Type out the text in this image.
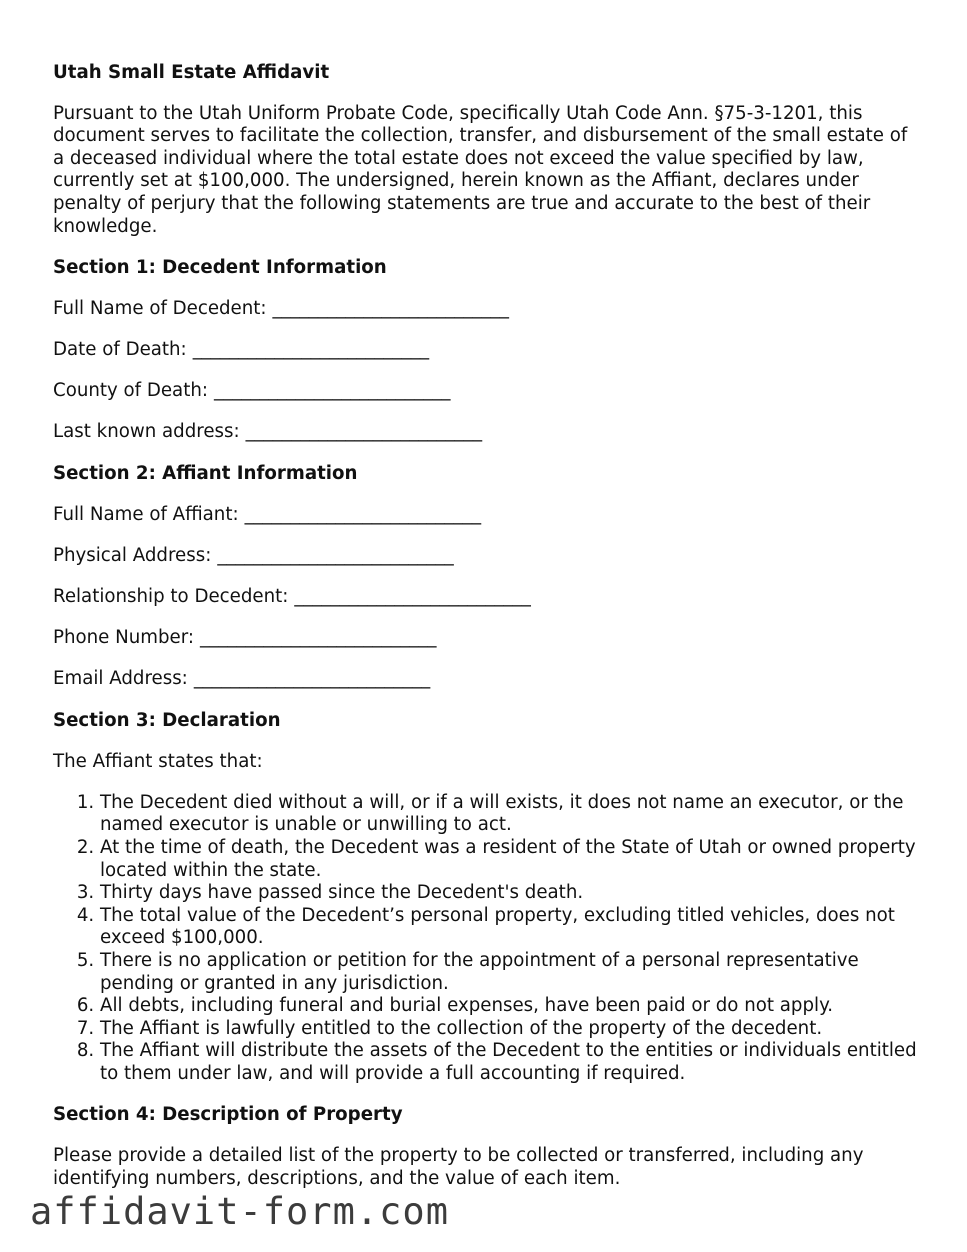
Utah Small Estate Affidavit
Pursuant to the Utah Uniform Probate Code, specifically Utah Code Ann. §75-3-1201, this document serves to facilitate the collection, transfer, and disbursement of the small estate of a deceased individual where the total estate does not exceed the value specified by law, currently set at $100,000. The undersigned, herein known as the Affiant, declares under penalty of perjury that the following statements are true and accurate to the best of their knowledge.
Section 1: Decedent Information
Full Name of Decedent: __________________________
Date of Death: __________________________
County of Death: __________________________
Last known address: __________________________
Section 2: Affiant Information
Full Name of Affiant: __________________________
Physical Address: __________________________
Relationship to Decedent: __________________________
Phone Number: __________________________
Email Address: __________________________
Section 3: Declaration
The Affiant states that:
1. The Decedent died without a will, or if a will exists, it does not name an executor, or the named executor is unable or unwilling to act.
2. At the time of death, the Decedent was a resident of the State of Utah or owned property located within the state.
3. Thirty days have passed since the Decedent's death.
4. The total value of the Decedent’s personal property, excluding titled vehicles, does not exceed $100,000.
5. There is no application or petition for the appointment of a personal representative pending or granted in any jurisdiction.
6. All debts, including funeral and burial expenses, have been paid or do not apply.
7. The Affiant is lawfully entitled to the collection of the property of the decedent.
8. The Affiant will distribute the assets of the Decedent to the entities or individuals entitled to them under law, and will provide a full accounting if required.
Section 4: Description of Property
Please provide a detailed list of the property to be collected or transferred, including any identifying numbers, descriptions, and the value of each item.
affidavit-form.com
